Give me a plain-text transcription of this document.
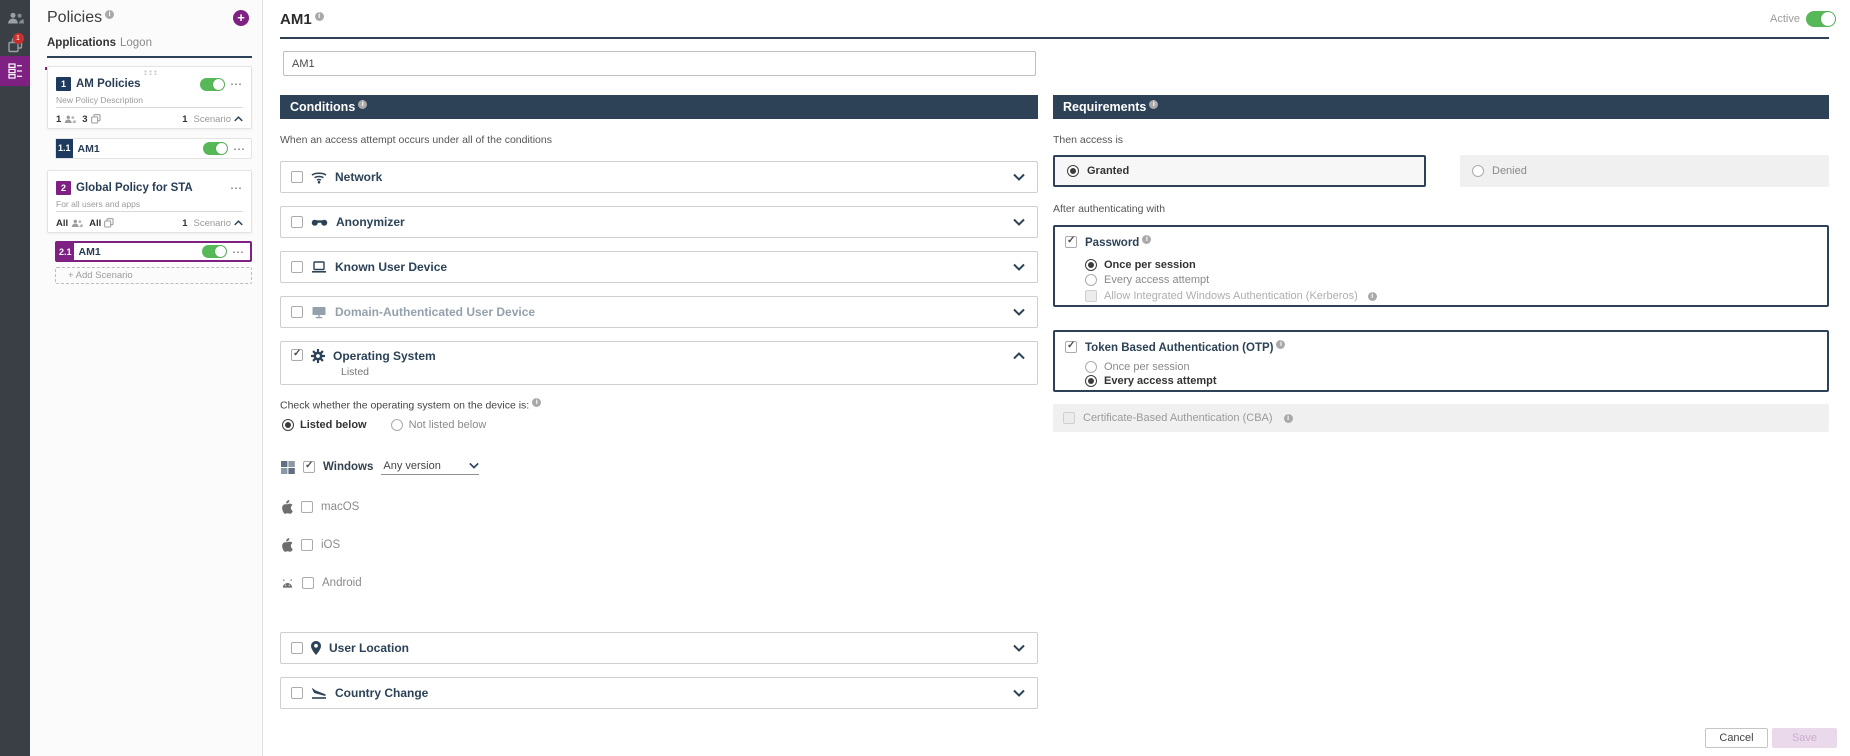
1
Policies i	+
Applications Logon
1 AM Policies	⋯
New Policy Description
1 3	1 Scenario
1.1 AM1	⋯
2 Global Policy for STA	⋯
For all users and apps
All All	1 Scenario
2.1 AM1	⋯
+ Add Scenario
AM1 i	Active
AM1
Conditions i
When an access attempt occurs under all of the conditions
Network
Anonymizer
Known User Device
Domain-Authenticated User Device
✓
Operating System
Listed
Check whether the operating system on the device is: i
Listed below	Not listed below
✓
Windows Any version
macOS
iOS
Android
User Location
Country Change
Requirements i
Then access is
Granted	Denied
After authenticating with
✓
Password i
Once per session
Every access attempt
Allow Integrated Windows Authentication (Kerberos)	i
✓
Token Based Authentication (OTP) i
Once per session
Every access attempt
Certificate-Based Authentication (CBA)	i
Cancel	Save
